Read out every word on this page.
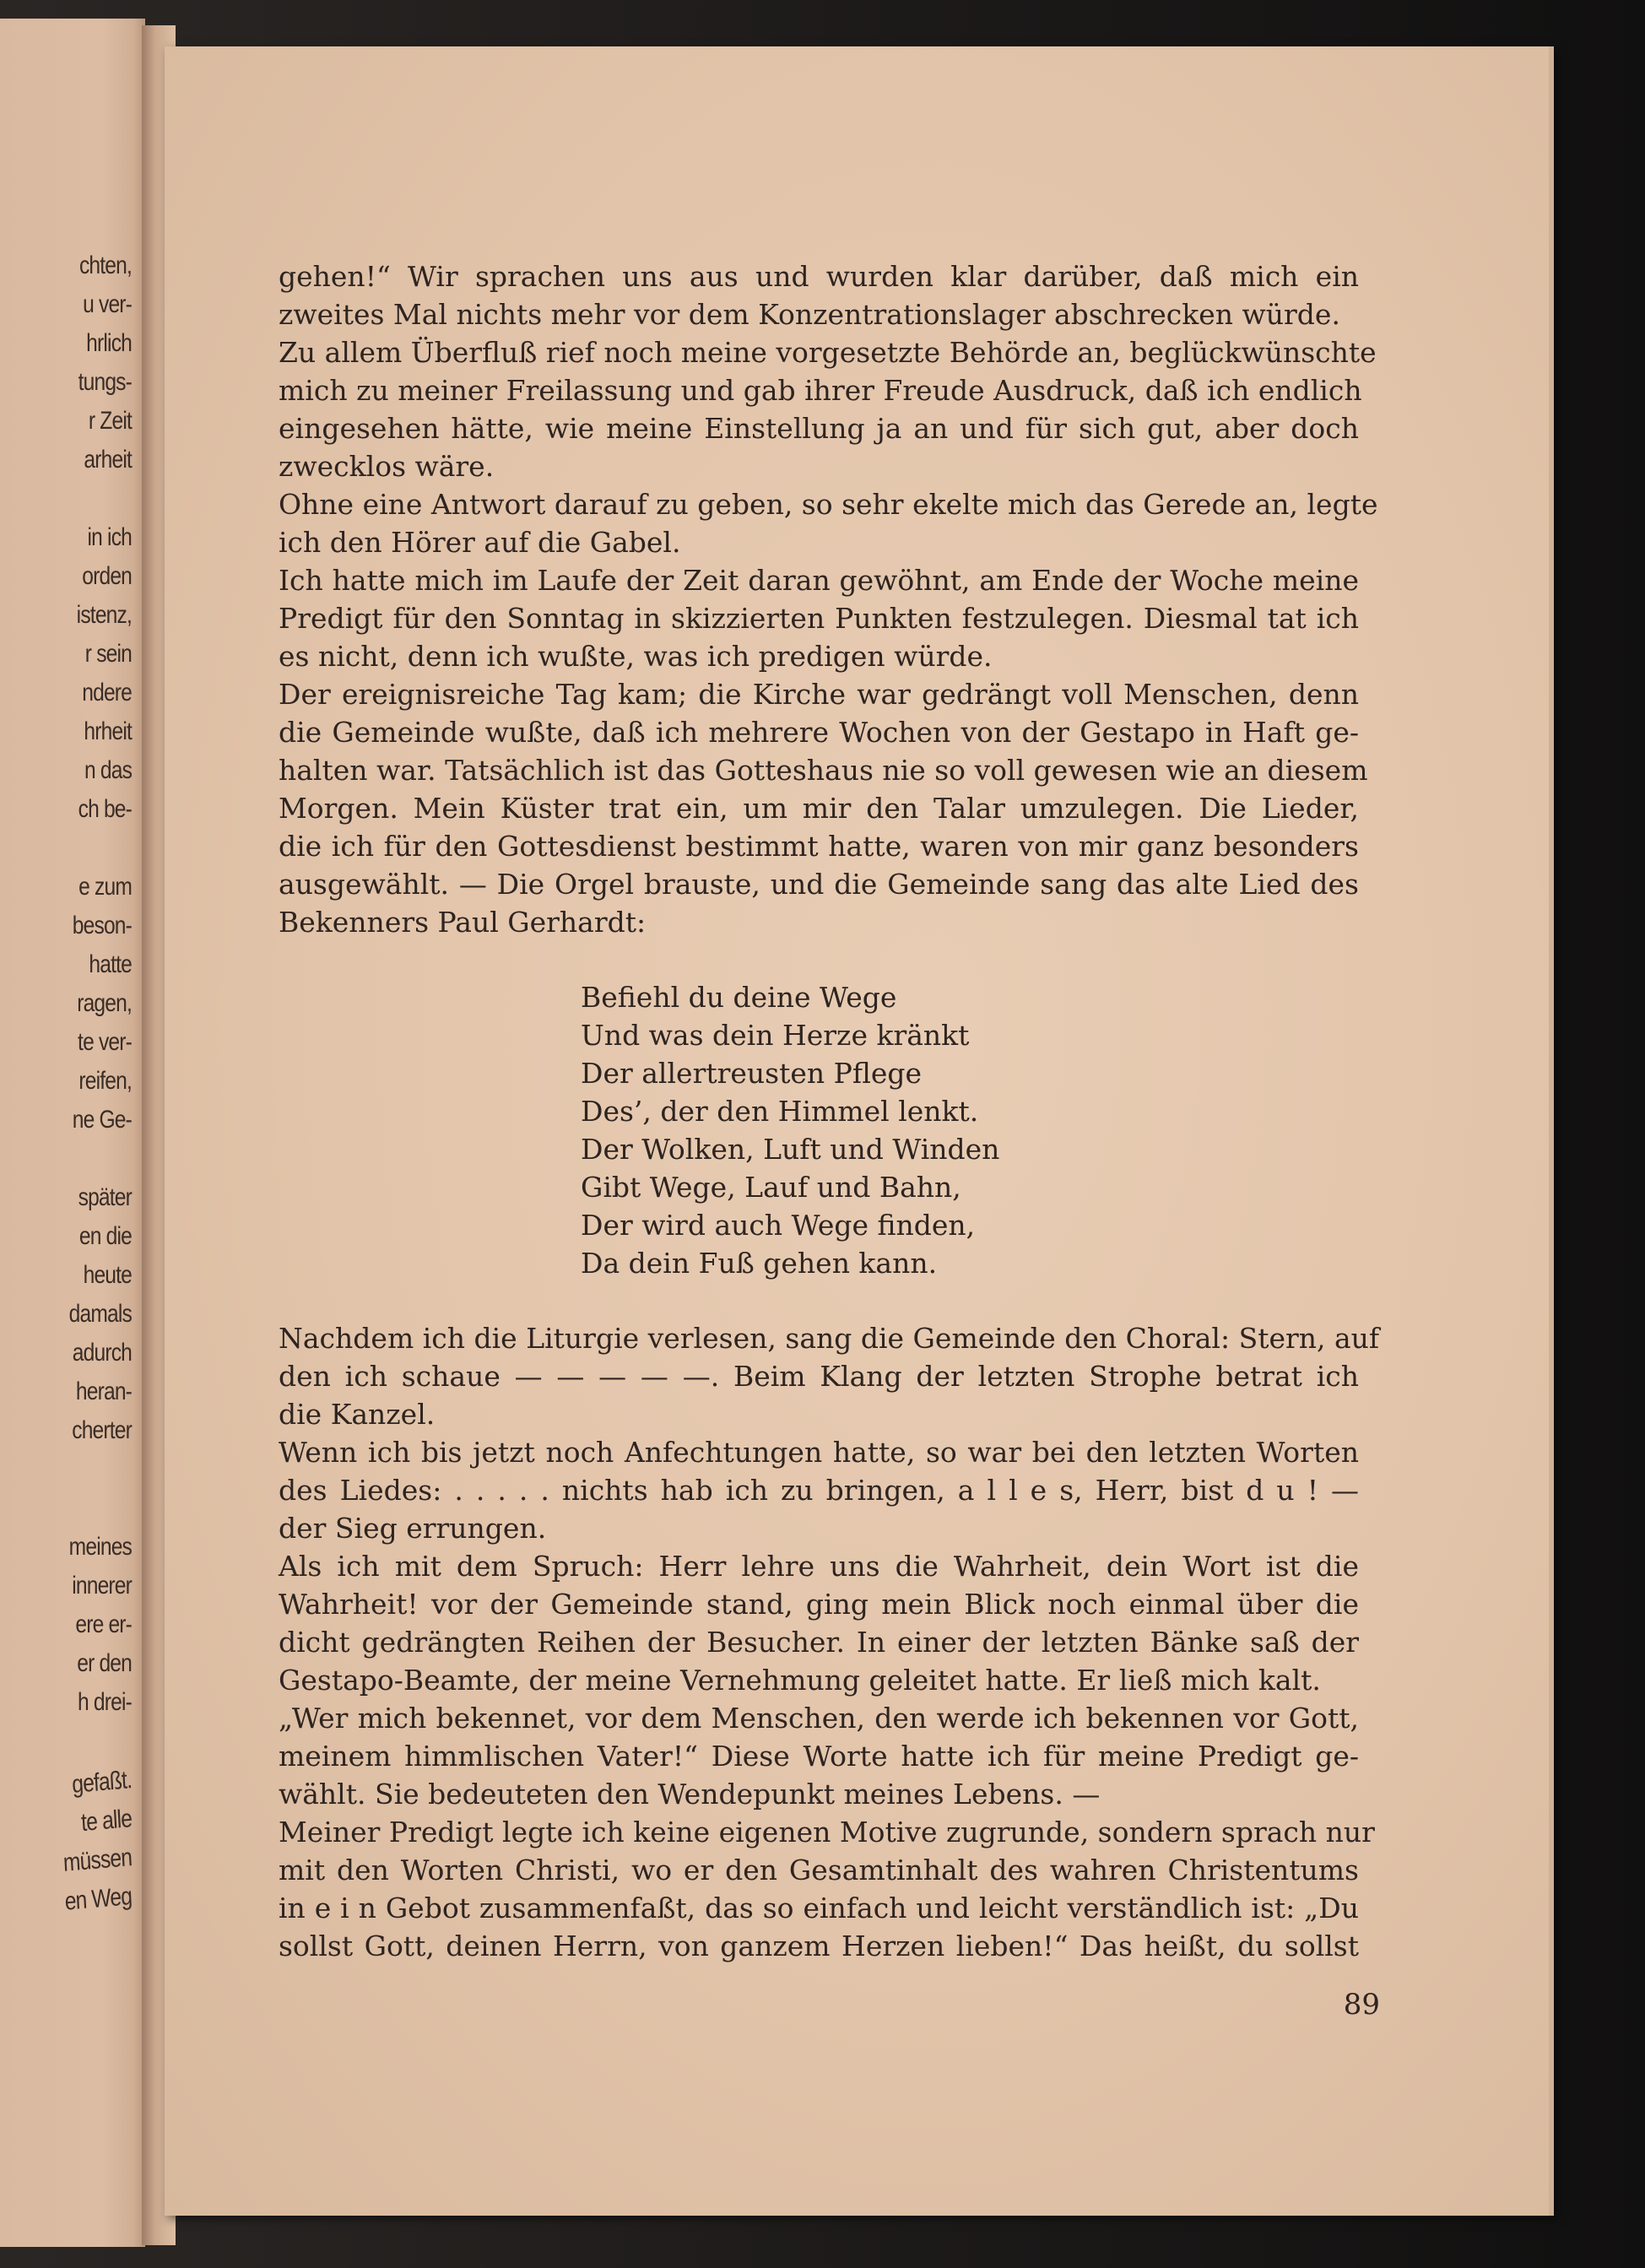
chten,
u ver-
hrlich
tungs-
r Zeit
arheit
in ich
orden
istenz,
r sein
ndere
hrheit
n das
ch be-
e zum
beson-
hatte
ragen,
te ver-
reifen,
ne Ge-
später
en die
heute
damals
adurch
heran-
cherter
meines
innerer
ere er-
er den
h drei-
gefaßt.
te alle
müssen
en Weg
gehen!“ Wir sprachen uns aus und wurden klar darüber, daß mich ein
zweites Mal nichts mehr vor dem Konzentrationslager abschrecken würde.
Zu allem Überfluß rief noch meine vorgesetzte Behörde an, beglückwünschte
mich zu meiner Freilassung und gab ihrer Freude Ausdruck, daß ich endlich
eingesehen hätte, wie meine Einstellung ja an und für sich gut, aber doch
zwecklos wäre.
Ohne eine Antwort darauf zu geben, so sehr ekelte mich das Gerede an, legte
ich den Hörer auf die Gabel.
Ich hatte mich im Laufe der Zeit daran gewöhnt, am Ende der Woche meine
Predigt für den Sonntag in skizzierten Punkten festzulegen. Diesmal tat ich
es nicht, denn ich wußte, was ich predigen würde.
Der ereignisreiche Tag kam; die Kirche war gedrängt voll Menschen, denn
die Gemeinde wußte, daß ich mehrere Wochen von der Gestapo in Haft ge-
halten war. Tatsächlich ist das Gotteshaus nie so voll gewesen wie an diesem
Morgen. Mein Küster trat ein, um mir den Talar umzulegen. Die Lieder,
die ich für den Gottesdienst bestimmt hatte, waren von mir ganz besonders
ausgewählt. — Die Orgel brauste, und die Gemeinde sang das alte Lied des
Bekenners Paul Gerhardt:
Befiehl du deine Wege
Und was dein Herze kränkt
Der allertreusten Pflege
Des’, der den Himmel lenkt.
Der Wolken, Luft und Winden
Gibt Wege, Lauf und Bahn,
Der wird auch Wege finden,
Da dein Fuß gehen kann.
Nachdem ich die Liturgie verlesen, sang die Gemeinde den Choral: Stern, auf
den ich schaue — — — — —. Beim Klang der letzten Strophe betrat ich
die Kanzel.
Wenn ich bis jetzt noch Anfechtungen hatte, so war bei den letzten Worten
des Liedes: . . . . . nichts hab ich zu bringen, a l l e s, Herr, bist d u ! —
der Sieg errungen.
Als ich mit dem Spruch: Herr lehre uns die Wahrheit, dein Wort ist die
Wahrheit! vor der Gemeinde stand, ging mein Blick noch einmal über die
dicht gedrängten Reihen der Besucher. In einer der letzten Bänke saß der
Gestapo-Beamte, der meine Vernehmung geleitet hatte. Er ließ mich kalt.
„Wer mich bekennet, vor dem Menschen, den werde ich bekennen vor Gott,
meinem himmlischen Vater!“ Diese Worte hatte ich für meine Predigt ge-
wählt. Sie bedeuteten den Wendepunkt meines Lebens. —
Meiner Predigt legte ich keine eigenen Motive zugrunde, sondern sprach nur
mit den Worten Christi, wo er den Gesamtinhalt des wahren Christentums
in e i n Gebot zusammenfaßt, das so einfach und leicht verständlich ist: „Du
sollst Gott, deinen Herrn, von ganzem Herzen lieben!“ Das heißt, du sollst
89
